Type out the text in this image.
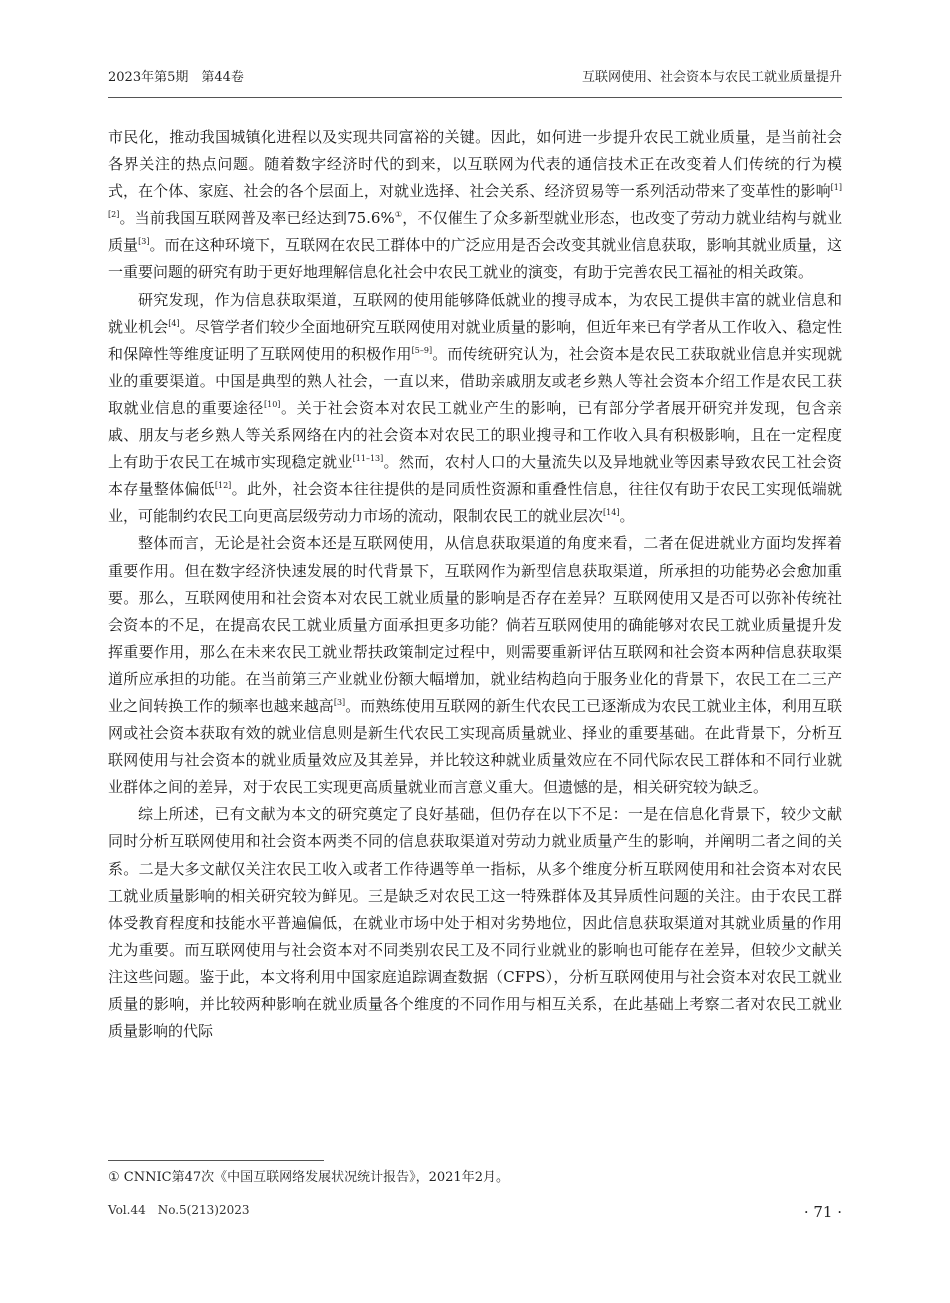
2023年第5期　第44卷	互联网使用、社会资本与农民工就业质量提升

市民化，推动我国城镇化进程以及实现共同富裕的关键。因此，如何进一步提升农民工就业质量，是当前社会各界关注的热点问题。随着数字经济时代的到来，以互联网为代表的通信技术正在改变着人们传统的行为模式，在个体、家庭、社会的各个层面上，对就业选择、社会关系、经济贸易等一系列活动带来了变革性的影响[1][2]。当前我国互联网普及率已经达到75.6%①，不仅催生了众多新型就业形态，也改变了劳动力就业结构与就业质量[3]。而在这种环境下，互联网在农民工群体中的广泛应用是否会改变其就业信息获取，影响其就业质量，这一重要问题的研究有助于更好地理解信息化社会中农民工就业的演变，有助于完善农民工福祉的相关政策。

研究发现，作为信息获取渠道，互联网的使用能够降低就业的搜寻成本，为农民工提供丰富的就业信息和就业机会[4]。尽管学者们较少全面地研究互联网使用对就业质量的影响，但近年来已有学者从工作收入、稳定性和保障性等维度证明了互联网使用的积极作用[5–9]。而传统研究认为，社会资本是农民工获取就业信息并实现就业的重要渠道。中国是典型的熟人社会，一直以来，借助亲戚朋友或老乡熟人等社会资本介绍工作是农民工获取就业信息的重要途径[10]。关于社会资本对农民工就业产生的影响，已有部分学者展开研究并发现，包含亲戚、朋友与老乡熟人等关系网络在内的社会资本对农民工的职业搜寻和工作收入具有积极影响，且在一定程度上有助于农民工在城市实现稳定就业[11–13]。然而，农村人口的大量流失以及异地就业等因素导致农民工社会资本存量整体偏低[12]。此外，社会资本往往提供的是同质性资源和重叠性信息，往往仅有助于农民工实现低端就业，可能制约农民工向更高层级劳动力市场的流动，限制农民工的就业层次[14]。

整体而言，无论是社会资本还是互联网使用，从信息获取渠道的角度来看，二者在促进就业方面均发挥着重要作用。但在数字经济快速发展的时代背景下，互联网作为新型信息获取渠道，所承担的功能势必会愈加重要。那么，互联网使用和社会资本对农民工就业质量的影响是否存在差异？互联网使用又是否可以弥补传统社会资本的不足，在提高农民工就业质量方面承担更多功能？倘若互联网使用的确能够对农民工就业质量提升发挥重要作用，那么在未来农民工就业帮扶政策制定过程中，则需要重新评估互联网和社会资本两种信息获取渠道所应承担的功能。在当前第三产业就业份额大幅增加，就业结构趋向于服务业化的背景下，农民工在二三产业之间转换工作的频率也越来越高[3]。而熟练使用互联网的新生代农民工已逐渐成为农民工就业主体，利用互联网或社会资本获取有效的就业信息则是新生代农民工实现高质量就业、择业的重要基础。在此背景下，分析互联网使用与社会资本的就业质量效应及其差异，并比较这种就业质量效应在不同代际农民工群体和不同行业就业群体之间的差异，对于农民工实现更高质量就业而言意义重大。但遗憾的是，相关研究较为缺乏。

综上所述，已有文献为本文的研究奠定了良好基础，但仍存在以下不足：一是在信息化背景下，较少文献同时分析互联网使用和社会资本两类不同的信息获取渠道对劳动力就业质量产生的影响，并阐明二者之间的关系。二是大多文献仅关注农民工收入或者工作待遇等单一指标，从多个维度分析互联网使用和社会资本对农民工就业质量影响的相关研究较为鲜见。三是缺乏对农民工这一特殊群体及其异质性问题的关注。由于农民工群体受教育程度和技能水平普遍偏低，在就业市场中处于相对劣势地位，因此信息获取渠道对其就业质量的作用尤为重要。而互联网使用与社会资本对不同类别农民工及不同行业就业的影响也可能存在差异，但较少文献关注这些问题。鉴于此，本文将利用中国家庭追踪调查数据（CFPS），分析互联网使用与社会资本对农民工就业质量的影响，并比较两种影响在就业质量各个维度的不同作用与相互关系，在此基础上考察二者对农民工就业质量影响的代际

① CNNIC第47次《中国互联网络发展状况统计报告》，2021年2月。
Vol.44　No.5(213)2023	· 71 ·
